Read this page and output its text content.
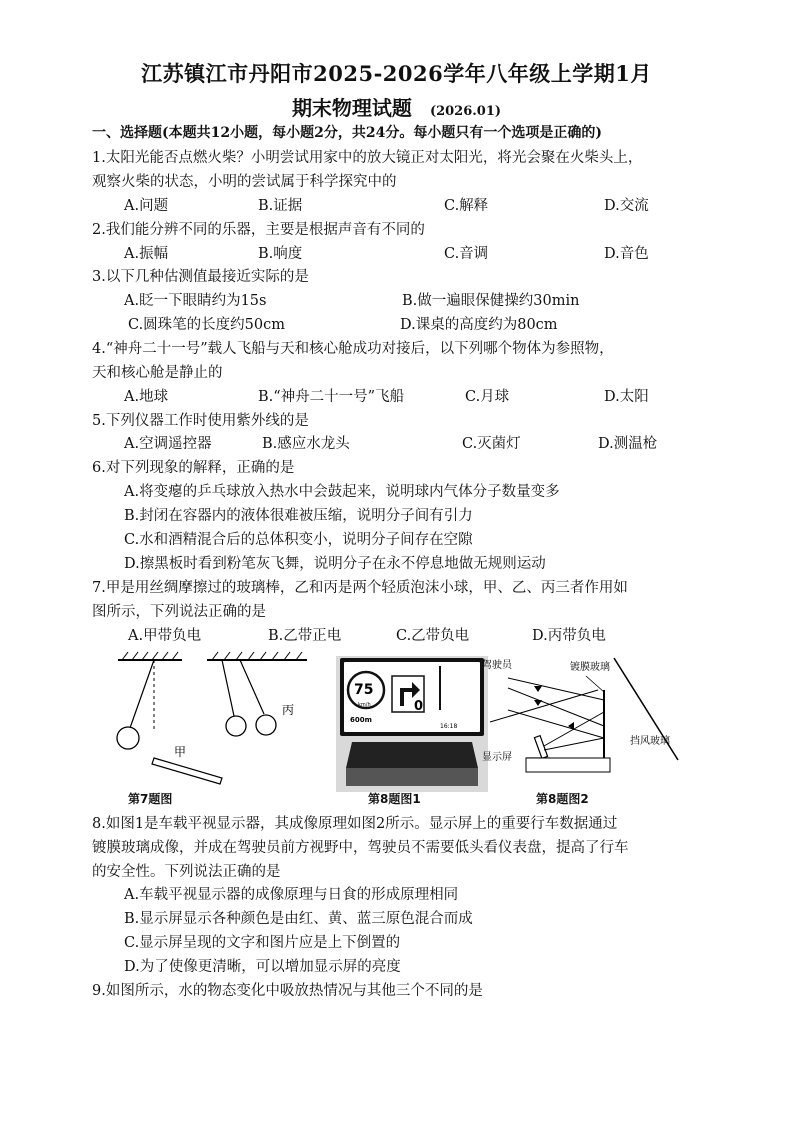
江苏镇江市丹阳市2025-2026学年八年级上学期1月
期末物理试题 (2026.01)
一、选择题(本题共12小题，每小题2分，共24分。每小题只有一个选项是正确的)
1.太阳光能否点燃火柴？小明尝试用家中的放大镜正对太阳光，将光会聚在火柴头上，
观察火柴的状态，小明的尝试属于科学探究中的
A.问题	B.证据	C.解释	D.交流
2.我们能分辨不同的乐器，主要是根据声音有不同的
A.振幅	B.响度	C.音调	D.音色
3.以下几种估测值最接近实际的是
A.眨一下眼睛约为15s	B.做一遍眼保健操约30min
C.圆珠笔的长度约50cm	D.课桌的高度约为80cm
4.“神舟二十一号”载人飞船与天和核心舱成功对接后，以下列哪个物体为参照物，
天和核心舱是静止的
A.地球	B.“神舟二十一号”飞船	C.月球	D.太阳
5.下列仪器工作时使用紫外线的是
A.空调遥控器	B.感应水龙头	C.灭菌灯	D.测温枪
6.对下列现象的解释，正确的是
A.将变瘪的乒乓球放入热水中会鼓起来，说明球内气体分子数量变多
B.封闭在容器内的液体很难被压缩，说明分子间有引力
C.水和酒精混合后的总体积变小，说明分子间存在空隙
D.擦黑板时看到粉笔灰飞舞，说明分子在永不停息地做无规则运动
7.甲是用丝绸摩擦过的玻璃棒，乙和丙是两个轻质泡沫小球，甲、乙、丙三者作用如
图所示，下列说法正确的是
A.甲带负电	B.乙带正电	C.乙带负电	D.丙带负电
甲
丙
第7题图
75
km/h
600m
0
16:18
第8题图1
驾驶员	镀膜玻璃
挡风玻璃
显示屏
第8题图2
8.如图1是车载平视显示器，其成像原理如图2所示。显示屏上的重要行车数据通过
镀膜玻璃成像，并成在驾驶员前方视野中，驾驶员不需要低头看仪表盘，提高了行车
的安全性。下列说法正确的是
A.车载平视显示器的成像原理与日食的形成原理相同
B.显示屏显示各种颜色是由红、黄、蓝三原色混合而成
C.显示屏呈现的文字和图片应是上下倒置的
D.为了使像更清晰，可以增加显示屏的亮度
9.如图所示，水的物态变化中吸放热情况与其他三个不同的是
